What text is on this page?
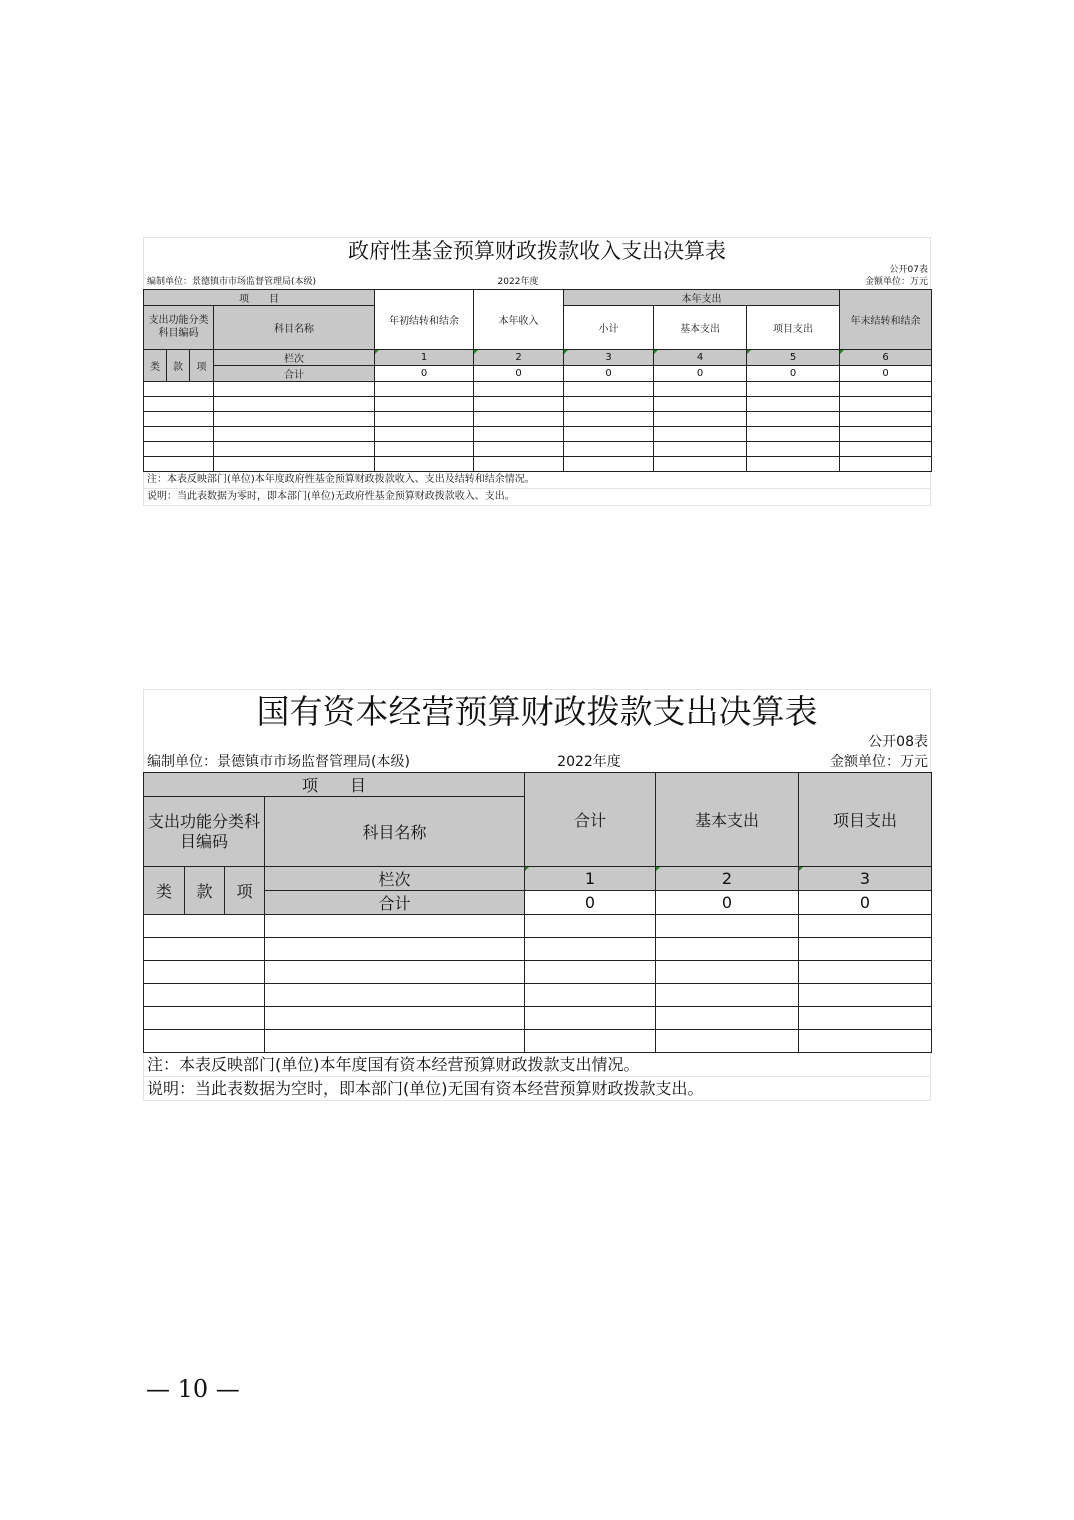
政府性基金预算财政拨款收入支出决算表
公开07表
编制单位：景德镇市市场监督管理局(本级)	2022年度	金额单位：万元
项　　目				年初结转和结余	本年收入	本年支出			年末结转和结余
支出功能分类科目编码			科目名称			小计	基本支出	项目支出	
类	款	项	栏次	1	2	3	4	5	6
			合计	0	0	0	0	0	0

注：本表反映部门(单位)本年度政府性基金预算财政拨款收入、支出及结转和结余情况。
说明：当此表数据为零时，即本部门(单位)无政府性基金预算财政拨款收入、支出。
国有资本经营预算财政拨款支出决算表
公开08表
编制单位：景德镇市市场监督管理局(本级)	2022年度	金额单位：万元
项　　目				合计	基本支出	项目支出
支出功能分类科目编码			科目名称			
类	款	项	栏次	1	2	3
			合计	0	0	0

注：本表反映部门(单位)本年度国有资本经营预算财政拨款支出情况。
说明：当此表数据为空时，即本部门(单位)无国有资本经营预算财政拨款支出。
— 10 —
